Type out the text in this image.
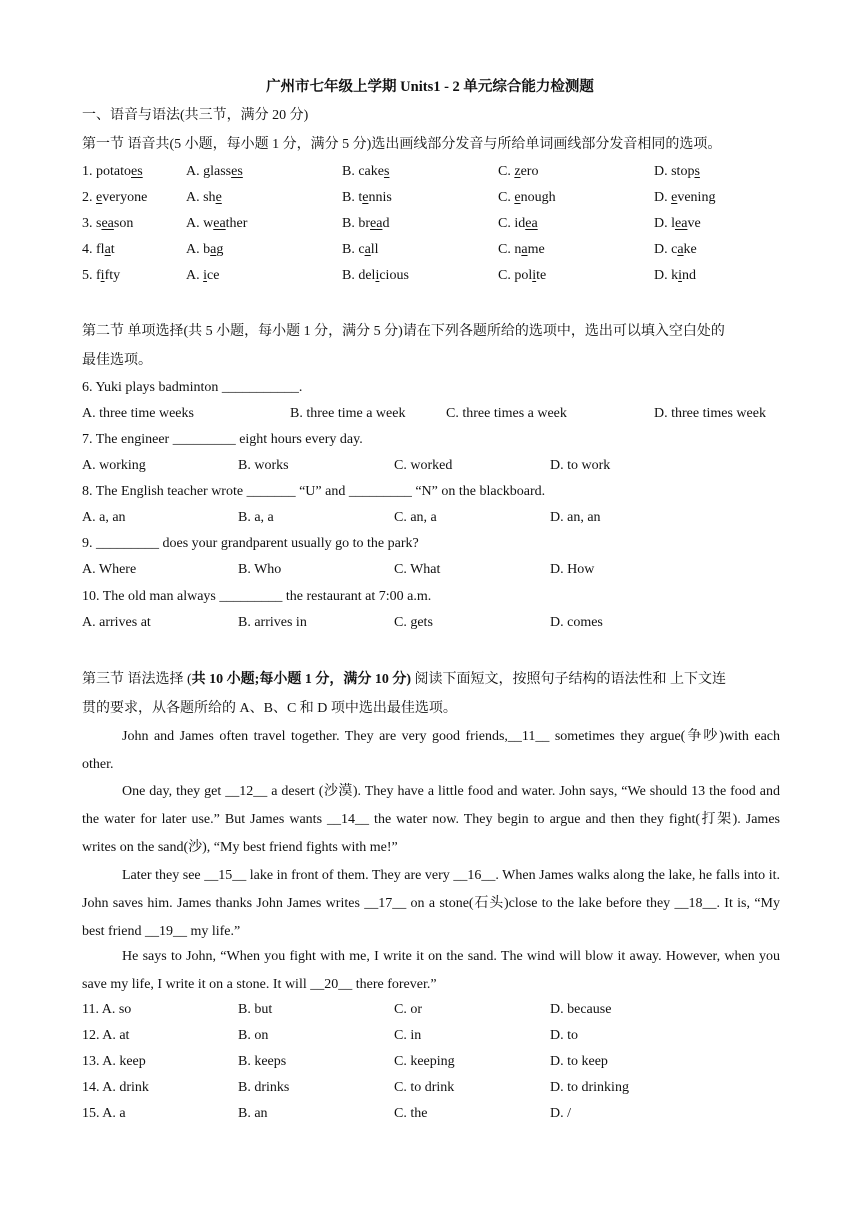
广州市七年级上学期 Units1 - 2 单元综合能力检测题
一、语音与语法(共三节，满分 20 分)
第一节 语音共(5 小题，每小题 1 分，满分 5 分)选出画线部分发音与所给单词画线部分发音相同的选项。
1. potatoes	A. glasses	B. cakes	C. zero	D. stops
2. everyone	A. she	B. tennis	C. enough	D. evening
3. season	A. weather	B. bread	C. idea	D. leave
4. flat	A. bag	B. call	C. name	D. cake
5. fifty	A. ice	B. delicious	C. polite	D. kind
第二节 单项选择(共 5 小题，每小题 1 分，满分 5 分)请在下列各题所给的选项中，选出可以填入空白处的
最佳选项。
6. Yuki plays badminton ___________.
A. three time weeks	B. three time a week	C. three times a week	D. three times week
7. The engineer _________ eight hours every day.
A. working	B. works	C. worked	D. to work
8. The English teacher wrote _______ “U” and _________ “N” on the blackboard.
A. a, an	B. a, a	C. an, a	D. an, an
9. _________ does your grandparent usually go to the park?
A. Where	B. Who	C. What	D. How
10. The old man always _________ the restaurant at 7:00 a.m.
A. arrives at	B. arrives in	C. gets	D. comes
第三节 语法选择 (共 10 小题;每小题 1 分，满分 10 分) 阅读下面短文，按照句子结构的语法性和 上下文连
贯的要求，从各题所给的 A、B、C 和 D 项中选出最佳选项。
John and James often travel together. They are very good friends,__11__ sometimes they argue(争吵)with each other.
One day, they get __12__ a desert (沙漠). They have a little food and water. John says, “We should 13 the food and the water for later use.” But James wants __14__ the water now. They begin to argue and then they fight(打架). James writes on the sand(沙), “My best friend fights with me!”
Later they see __15__ lake in front of them. They are very __16__. When James walks along the lake, he falls into it. John saves him. James thanks John James writes __17__ on a stone(石头)close to the lake before they __18__. It is, “My best friend __19__ my life.”
He says to John, “When you fight with me, I write it on the sand. The wind will blow it away. However, when you save my life, I write it on a stone. It will __20__ there forever.”
11. A. so	B. but	C. or	D. because
12. A. at	B. on	C. in	D. to
13. A. keep	B. keeps	C. keeping	D. to keep
14. A. drink	B. drinks	C. to drink	D. to drinking
15. A. a	B. an	C. the	D. /
